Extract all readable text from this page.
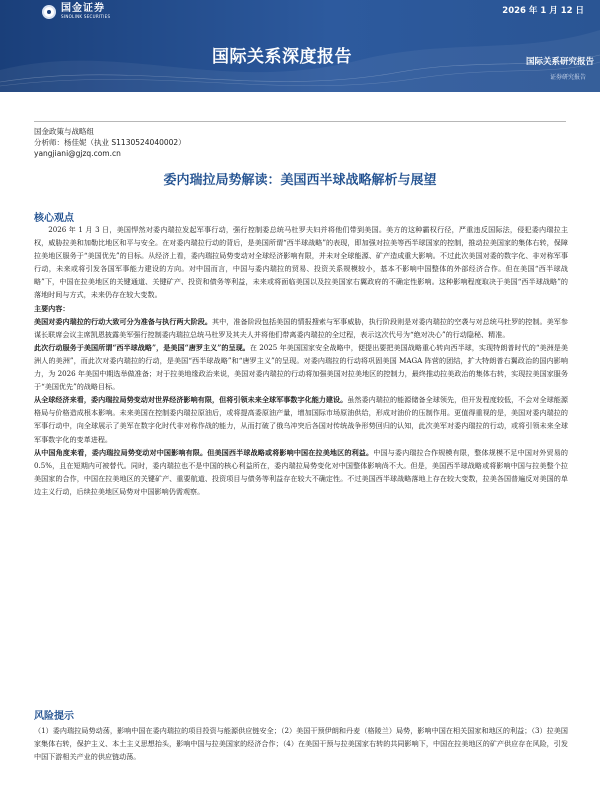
国金证券
SINOLINK SECURITIES
2026 年 1 月 12 日
国际关系深度报告	国际关系研究报告
证券研究报告
国金政策与战略组
分析师：杨佳妮（执业 S1130524040002）
yangjiani@gjzq.com.cn
委内瑞拉局势解读：美国西半球战略解析与展望
核心观点

2026 年 1 月 3 日，美国悍然对委内瑞拉发起军事行动，强行控制委总统马杜罗夫妇并将他们带到美国。美方的这种霸权行径，严重违反国际法，侵犯委内瑞拉主权，威胁拉美和加勒比地区和平与安全。在对委内瑞拉行动的背后，是美国所谓“西半球战略”的表现，即加强对拉美等西半球国家的控制，推动拉美国家的集体右转，保障拉美地区服务于“美国优先”的目标。从经济上看，委内瑞拉局势变动对全球经济影响有限，并未对全球能源、矿产造成重大影响。不过此次美国对委的数字化、非对称军事行动，未来或将引发各国军事能力建设的方向。对中国而言，中国与委内瑞拉的贸易、投资关系规模较小，基本不影响中国整体的外部经济合作。但在美国“西半球战略”下，中国在拉美地区的关键通道、关键矿产、投资和债务等利益，未来或将面临美国以及拉美国家右翼政府的不确定性影响。这种影响程度取决于美国“西半球战略”的落地时间与方式，未来仍存在较大变数。

主要内容：

美国对委内瑞拉的行动大致可分为准备与执行两大阶段。其中，准备阶段包括美国的情报搜索与军事威胁，执行阶段则是对委内瑞拉的空袭与对总统马杜罗的控制。美军参谋长联席会议主席凯恩披露美军强行控制委内瑞拉总统马杜罗及其夫人并将他们带离委内瑞拉的全过程，表示这次代号为“绝对决心”的行动隐秘、精准。

此次行动服务于美国所谓“西半球战略”，是美国“唐罗主义”的呈现。在 2025 年美国国家安全战略中，便提出要把美国战略重心转向西半球，实现特朗普时代的“美洲是美洲人的美洲”，而此次对委内瑞拉的行动，是美国“西半球战略”和“唐罗主义”的呈现。对委内瑞拉的行动将巩固美国 MAGA 阵营的团结，扩大特朗普右翼政治的国内影响力，为 2026 年美国中期选举做准备；对于拉美地缘政治来说，美国对委内瑞拉的行动将加强美国对拉美地区的控制力，最终推动拉美政治的集体右转，实现拉美国家服务于“美国优先”的战略目标。

从全球经济来看，委内瑞拉局势变动对世界经济影响有限，但将引领未来全球军事数字化能力建设。虽然委内瑞拉的能源储备全球领先，但开发程度较低，不会对全球能源格局与价格造成根本影响。未来美国在控制委内瑞拉原油后，或将提高委原油产量，增加国际市场原油供给，形成对油价的压制作用。更值得重视的是，美国对委内瑞拉的军事行动中，向全球展示了美军在数字化时代非对称作战的能力，从而打破了俄乌冲突后各国对传统战争形势回归的认知，此次美军对委内瑞拉的行动，或将引领未来全球军事数字化的变革进程。

从中国角度来看，委内瑞拉局势变动对中国影响有限。但美国西半球战略或将影响中国在拉美地区的利益。中国与委内瑞拉合作规模有限，整体规模不足中国对外贸易的 0.5%，且在短期内可被替代。同时，委内瑞拉也不是中国的核心利益所在，委内瑞拉局势变化对中国整体影响尚不大。但是，美国西半球战略或将影响中国与拉美整个拉美国家的合作，中国在拉美地区的关键矿产、重要航道、投资项目与债务等利益存在较大不确定性。不过美国西半球战略落地上存在较大变数，拉美各国普遍反对美国的单边主义行动，后续拉美地区局势对中国影响仍需观察。

风险提示

（1）委内瑞拉局势动荡，影响中国在委内瑞拉的项目投资与能源供应链安全；（2）美国干预伊朗和丹麦（格陵兰）局势，影响中国在相关国家和地区的利益；（3）拉美国家集体右转，保护主义、本土主义思想抬头，影响中国与拉美国家的经济合作；（4）在美国干预与拉美国家右转的共同影响下，中国在拉美地区的矿产供应存在风险，引发中国下游相关产业的供应链动荡。
